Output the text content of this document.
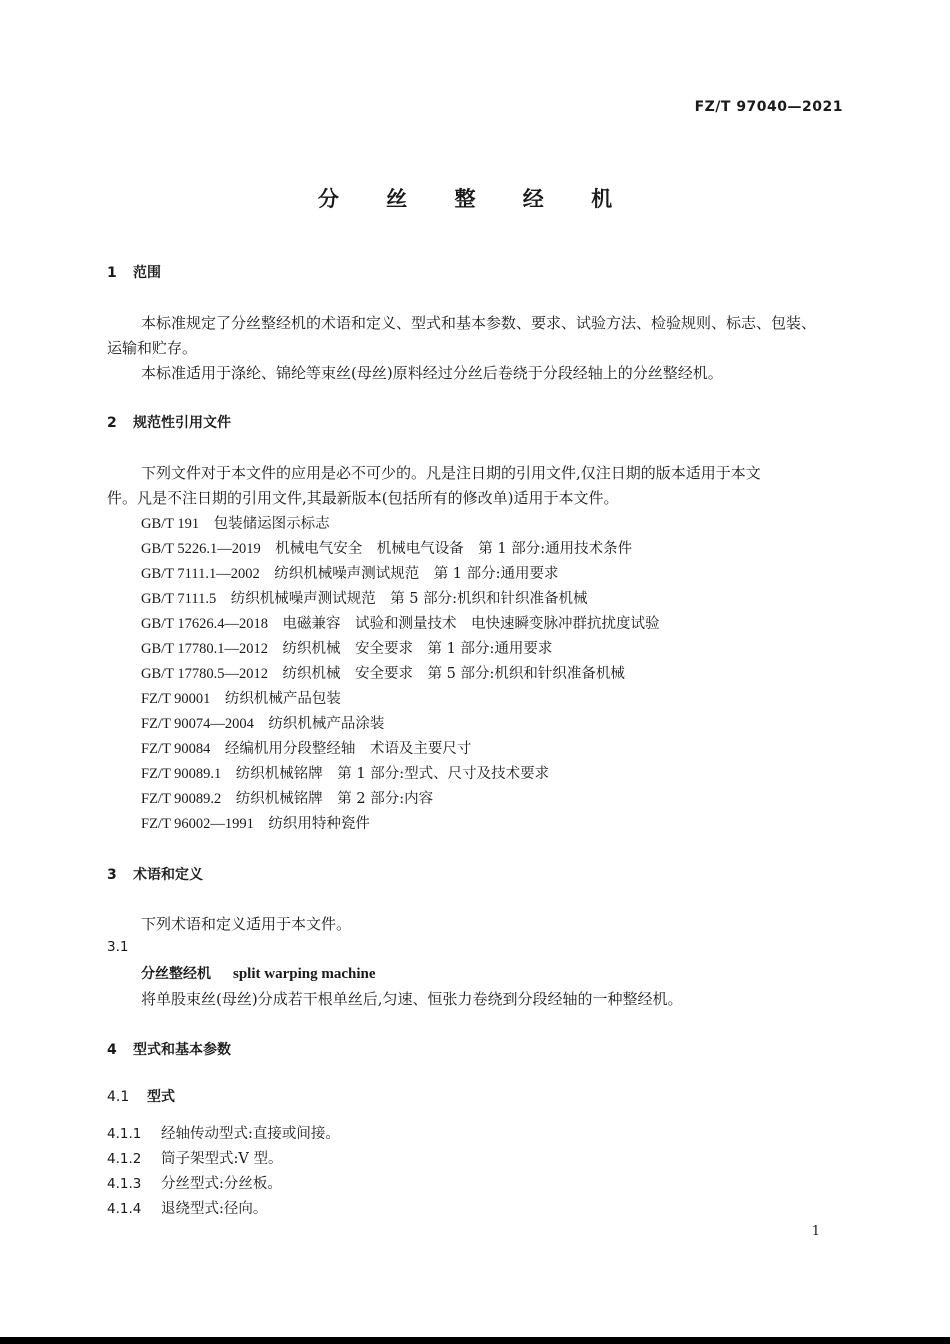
FZ/T 97040—2021
分 丝 整 经 机
1 范围
本标准规定了分丝整经机的术语和定义、型式和基本参数、要求、试验方法、检验规则、标志、包装、
运输和贮存。
本标准适用于涤纶、锦纶等束丝(母丝)原料经过分丝后卷绕于分段经轴上的分丝整经机。
2 规范性引用文件
下列文件对于本文件的应用是必不可少的。凡是注日期的引用文件,仅注日期的版本适用于本文
件。凡是不注日期的引用文件,其最新版本(包括所有的修改单)适用于本文件。
GB/T 191　 包装储运图示标志
GB/T 5226.1—2019　 机械电气安全　机械电气设备　第 1 部分:通用技术条件
GB/T 7111.1—2002　 纺织机械噪声测试规范　第 1 部分:通用要求
GB/T 7111.5　 纺织机械噪声测试规范　第 5 部分:机织和针织准备机械
GB/T 17626.4—2018　 电磁兼容　试验和测量技术　电快速瞬变脉冲群抗扰度试验
GB/T 17780.1—2012　 纺织机械　安全要求　第 1 部分:通用要求
GB/T 17780.5—2012　 纺织机械　安全要求　第 5 部分:机织和针织准备机械
FZ/T 90001　 纺织机械产品包装
FZ/T 90074—2004　 纺织机械产品涂装
FZ/T 90084　 经编机用分段整经轴　术语及主要尺寸
FZ/T 90089.1　 纺织机械铭牌　第 1 部分:型式、尺寸及技术要求
FZ/T 90089.2　 纺织机械铭牌　第 2 部分:内容
FZ/T 96002—1991　 纺织用特种瓷件
3 术语和定义
下列术语和定义适用于本文件。
3.1
分丝整经机 split warping machine
将单股束丝(母丝)分成若干根单丝后,匀速、恒张力卷绕到分段经轴的一种整经机。
4 型式和基本参数
4.1 型式
4.1.1 经轴传动型式:直接或间接。
4.1.2 筒子架型式:V 型。
4.1.3 分丝型式:分丝板。
4.1.4 退绕型式:径向。
1
